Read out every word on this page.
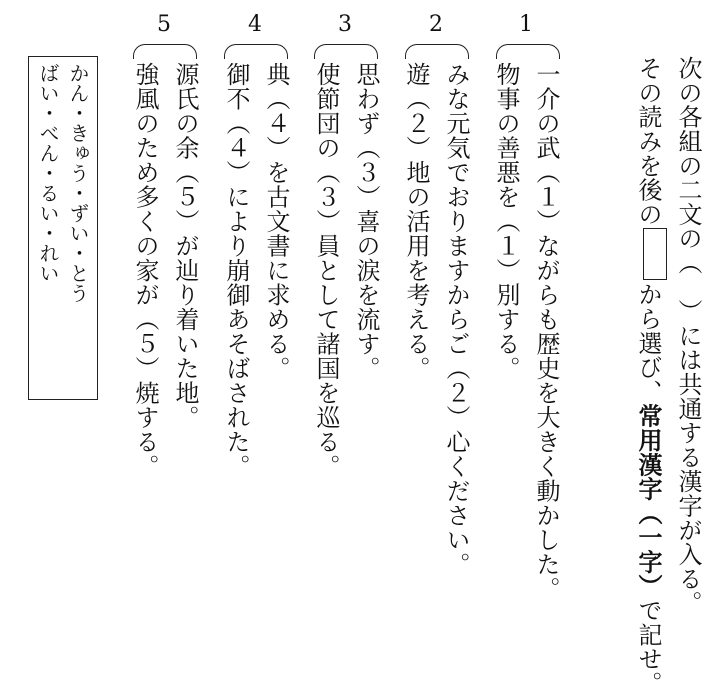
次の各組の二文の（　）には共通する漢字が入る。
その読みを後のから選び、常用漢字（一字）で記せ。
1
一介の武（１）ながらも歴史を大きく動かした。
物事の善悪を（１）別する。
2
みな元気でおりますからご（２）心ください。
遊（２）地の活用を考える。
3
思わず（３）喜の涙を流す。
使節団の（３）員として諸国を巡る。
4
典（４）を古文書に求める。
御不（４）により崩御あそばされた。
5
源氏の余（５）が辿り着いた地。
強風のため多くの家が（５）焼する。
かん・きゅう・ずい・とう
ばい・べん・るい・れい
